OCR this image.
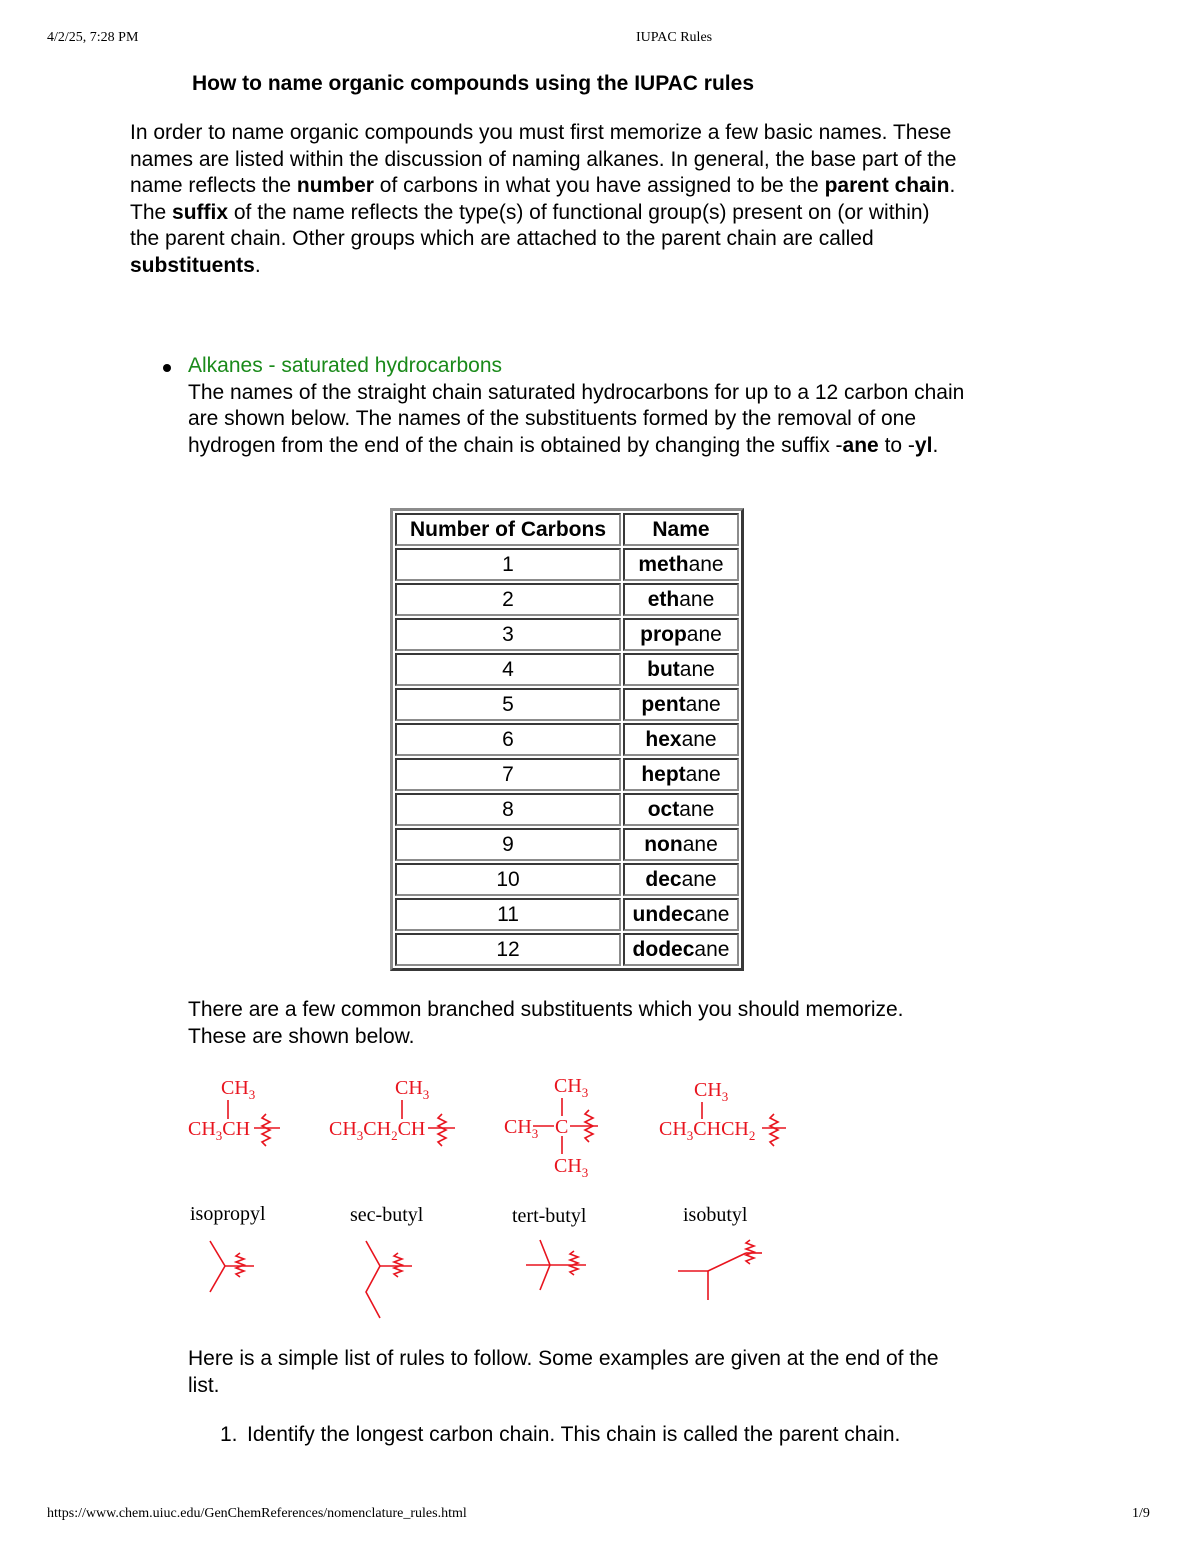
4/2/25, 7:28 PM	IUPAC Rules
How to name organic compounds using the IUPAC rules

In order to name organic compounds you must first memorize a few basic names. These names are listed within the discussion of naming alkanes. In general, the base part of the name reflects the number of carbons in what you have assigned to be the parent chain. The suffix of the name reflects the type(s) of functional group(s) present on (or within) the parent chain. Other groups which are attached to the parent chain are called substituents.

Alkanes - saturated hydrocarbons
The names of the straight chain saturated hydrocarbons for up to a 12 carbon chain are shown below. The names of the substituents formed by the removal of one hydrogen from the end of the chain is obtained by changing the suffix -ane to -yl.
Number of Carbons	Name
1	methane
2	ethane
3	propane
4	butane
5	pentane
6	hexane
7	heptane
8	octane
9	nonane
10	decane
11	undecane
12	dodecane

There are a few common branched substituents which you should memorize. These are shown below.

$CH_3$
$CH_3CH$
$CH_3$
$CH_3CH_2CH$
$CH_3$
$CH_3$ C
$CH_3$
$CH_3$
$CH_3CHCH_2$
isopropyl	sec-butyl	tert-butyl	isobutyl

Here is a simple list of rules to follow. Some examples are given at the end of the list.

1. Identify the longest carbon chain. This chain is called the parent chain.

https://www.chem.uiuc.edu/GenChemReferences/nomenclature_rules.html	1/9
